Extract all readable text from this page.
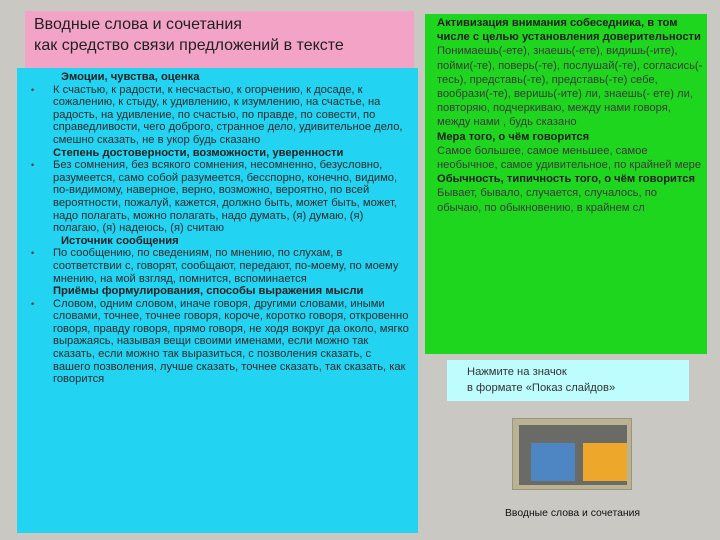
Вводные слова и сочетания
как средство связи предложений в тексте
Эмоции, чувства, оценка
• К счастью, к радости, к несчастью, к огорчению, к досаде, к сожалению, к стыду, к удивлению, к изумлению, на счастье, на радость, на удивление, по счастью, по правде, по совести, по справедливости, чего доброго, странное дело, удивительное дело, смешно сказать, не в укор будь сказано
Степень достоверности, возможности, уверенности
• Без сомнения, без всякого сомнения, несомненно, безусловно, разумеется, само собой разумеется, бесспорно, конечно, видимо, по-видимому, наверное, верно, возможно, вероятно, по всей вероятности, пожалуй, кажется, должно быть, может быть, может, надо полагать, можно полагать, надо думать, (я) думаю, (я) полагаю, (я) надеюсь, (я) считаю
Источник сообщения
• По сообщению, по сведениям, по мнению, по слухам, в соответствии с, говорят, сообщают, передают, по-моему, по моему мнению, на мой взгляд, помнится, вспоминается
Приёмы формулирования, способы выражения мысли
• Словом, одним словом, иначе говоря, другими словами, иными словами, точнее, точнее говоря, короче, коротко говоря, откровенно говоря, правду говоря, прямо говоря, не ходя вокруг да около, мягко выражаясь, называя вещи своими именами, если можно так сказать, если можно так выразиться, с позволения сказать, с вашего позволения, лучше сказать, точнее сказать, так сказать, как говорится
Активизация внимания собеседника, в том числе с целью установления доверительности
Понимаешь(-ете), знаешь(-ете), видишь(-ите), пойми(-те), поверь(-те), послушай(-те), согласись(-тесь), представь(-те), представь(-те) себе, вообрази(-те), веришь(-ите) ли, знаешь(- ете) ли, повторяю, подчеркиваю, между нами говоря, между нами , будь сказано
Мера того, о чём говорится
Самое большее, самое меньшее, самое необычное, самое удивительное, по крайней мере
Обычность, типичность того, о чём говорится
Бывает, бывало, случается, случалось, по обычаю, по обыкновению, в крайнем сл
Нажмите на значок
в формате «Показ слайдов»
Вводные слова и сочетания
